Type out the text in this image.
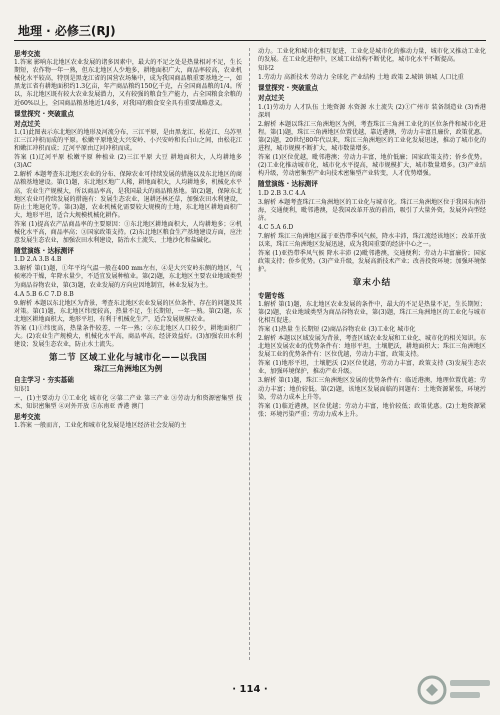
地理 · 必修三(RJ)
思考交流
1.答案 影响东北地区农业发展的诸多因素中，最大的不足之处是热量相对不足，生长期短，农作物一年一熟，但东北地区人少地多，耕地面积广大，商品率较高，农业机械化水平较高，特别是黑龙江省的国营农场集中，成为我国商品粮重要基地之一，如黑龙江省有耕地面积约1.3亿亩，年产商品粮约150亿千克，占全国商品粮的1/4。所以，东北地区既有较大农业发展潜力，又有较强的粮食生产能力，占全国粮食余粮的近60%以上，全国商品粮基地近1/4多，对我国的粮食安全具有重要战略意义。
课堂探究 · 突破重点
对点过关
1.(1)此图表示东北地区的地形及河流分布，三江平原，是由黑龙江、松花江、乌苏里江三江冲积而成的平原。松嫩平原地处大兴安岭、小兴安岭和长白山之间，由松花江和嫩江冲积而成；辽河平原由辽河冲积而成。
答案 (1)辽河平原 松嫩平原 种植业 (2)三江平原 大豆 耕地面积大，人均耕地多 (3)AC
2.解析 本题考查东北地区农业的分布、保障农业可持续发展的措施以及东北地区的商品粮基地建设。第(1)题，东北地区地广人稀，耕地面积大，人均耕地多，机械化水平高，农业生产规模大，所以商品率高，是我国最大的商品粮基地。第(2)题，保障东北地区农业可持续发展的措施有：发展生态农业，退耕还林还草，加强农田水利建设，防止土地退化等。第(3)题，农业机械化需要较大规模的土地，东北地区耕地面积广大，地形平坦，适合大规模机械化耕作。
答案 (1)提高农产品商品率的主要原因：①东北地区耕地面积大，人均耕地多；②机械化水平高，商品率高；③国家政策支持。(2)东北地区粮食生产基地建设方面，应注意发展生态农业，加强农田水利建设，防治水土流失、土地沙化和盐碱化。
随堂演练 · 达标测评
1.D 2.A 3.B 4.B
3.解析 第(1)题，①年平均气温一般在400 mm左右，④是大兴安岭东侧的地区，气候寒冷干燥，年降水量少，不适宜发展种植业。第(2)题，东北地区主要农业地域类型为商品谷物农业，第(3)题，农业发展的方向应因地制宜，林业发展为主。
4.A 5.B 6.C 7.D 8.B
9.解析 本题以东北地区为背景，考查东北地区农业发展的区位条件、存在的问题及其对策。第(1)题，东北地区纬度较高，热量不足，生长期短，一年一熟。第(2)题，东北地区耕地面积大，地形平坦，有利于机械化生产，适合发展规模农业。
答案 (1)①纬度高，热量条件较差，一年一熟；②东北地区人口较少，耕地面积广大。(2)农业生产规模大，机械化水平高，商品率高，经济效益好。(3)加强农田水利建设；发展生态农业，防止水土流失。
第二节 区域工业化与城市化——以我国
珠江三角洲地区为例
自主学习 · 夯实基础
知识1
一、(1)主要动力 ①工业化 城市化 ②第二产业 第三产业 ③劳动力和资源密集型 技术、知识密集型 ④对外开放 ⑤东南亚 香港 澳门
思考交流
1.答案 一般而言，工业化和城市化发展是地区经济社会发展的主
动力。工业化和城市化相互促进，工业化是城市化的推动力量，城市化又推动工业化的发展。在工业化进程中，区域工业结构不断优化，城市化水平不断提高。
知识2
1.劳动力 高新技术 劳动力 全球化 产业结构 土地 政策 2.城镇 镇城 人口比重
课堂探究 · 突破重点
对点过关
1.(1)劳动力 人才队伍 土地资源 水资源 水土流失 (2)①广州市 装备制造业 (3)香港 深圳
2.解析 本题以珠江三角洲地区为例，考查珠江三角洲工业化的区位条件和城市化进程。第(1)题，珠江三角洲地区位置优越，靠近港澳，劳动力丰富且廉价，政策优惠。第(2)题，20世纪80年代以来，珠江三角洲地区的工业化发展迅速，推动了城市化的进程，城市规模不断扩大，城市数量增多。
答案 (1)区位优越，毗邻港澳；劳动力丰富，地价低廉；国家政策支持；侨乡优势。(2)工业化推动城市化，城市化水平提高，城市规模扩大，城市数量增多。(3)产业结构升级，劳动密集型产业向技术密集型产业转变，人才优势增强。
随堂演练 · 达标测评
1.D 2.B 3.C 4.A
3.解析 本题考查珠江三角洲地区的工业化与城市化。珠江三角洲地区位于我国东南沿海，交通便利，毗邻港澳，是我国改革开放的前沿，吸引了大量外资，发展外向型经济。
4.C 5.A 6.D
7.解析 珠江三角洲地区属于亚热带季风气候，降水丰沛，珠江流经该地区；改革开放以来，珠江三角洲地区发展迅速，成为我国重要的经济中心之一。
答案 (1)亚热带季风气候 降水丰沛 (2)毗邻港澳，交通便利；劳动力丰富廉价；国家政策支持；侨乡优势。(3)产业升级，发展高新技术产业；改善投资环境；加强环境保护。
章末小结
专题专练
1.解析 第(1)题，东北地区农业发展的条件中，最大的不足是热量不足，生长期短；第(2)题，农业地域类型为商品谷物农业，第(3)题，珠江三角洲地区的工业化与城市化相互促进。
答案 (1)热量 生长期短 (2)商品谷物农业 (3)工业化 城市化
2.解析 本题以区域发展为背景，考查区域农业发展和工业化、城市化的相关知识。东北地区发展农业的优势条件有：地形平坦，土壤肥沃，耕地面积大；珠江三角洲地区发展工业的优势条件有：区位优越，劳动力丰富，政策支持。
答案 (1)地形平坦，土壤肥沃 (2)区位优越，劳动力丰富，政策支持 (3)发展生态农业，加强环境保护，推动产业升级。
3.解析 第(1)题，珠江三角洲地区发展的优势条件有：临近港澳，地理位置优越；劳动力丰富；地价较低。第(2)题，该地区发展面临的问题有：土地资源紧张，环境污染，劳动力成本上升等。
答案 (1)临近港澳，区位优越；劳动力丰富，地价较低；政策优惠。(2)土地资源紧张；环境污染严重；劳动力成本上升。
· 114 ·
